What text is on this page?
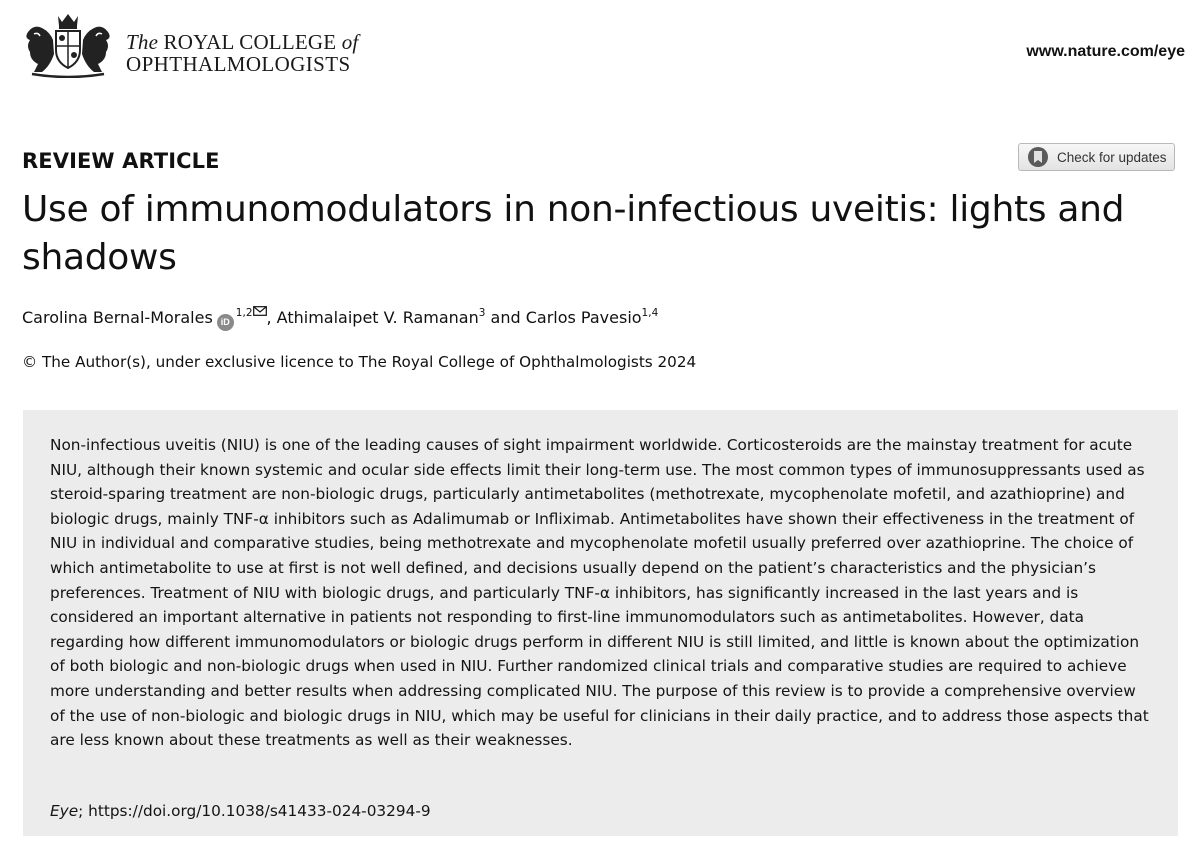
The ROYAL COLLEGE of
OPHTHALMOLOGISTS
www.nature.com/eye
REVIEW ARTICLE	Check for updates
Use of immunomodulators in non-infectious uveitis: lights and shadows
Carolina Bernal-Morales iD$^{1,2}$ , Athimalaipet V. Ramanan$^3$ and Carlos Pavesio$^{1,4}$
© The Author(s), under exclusive licence to The Royal College of Ophthalmologists 2024

Non-infectious uveitis (NIU) is one of the leading causes of sight impairment worldwide. Corticosteroids are the mainstay treatment for acute NIU, although their known systemic and ocular side effects limit their long-term use. The most common types of immunosuppressants used as steroid-sparing treatment are non-biologic drugs, particularly antimetabolites (methotrexate, mycophenolate mofetil, and azathioprine) and biologic drugs, mainly TNF-α inhibitors such as Adalimumab or Infliximab. Antimetabolites have shown their effectiveness in the treatment of NIU in individual and comparative studies, being methotrexate and mycophenolate mofetil usually preferred over azathioprine. The choice of which antimetabolite to use at first is not well defined, and decisions usually depend on the patient’s characteristics and the physician’s preferences. Treatment of NIU with biologic drugs, and particularly TNF-α inhibitors, has significantly increased in the last years and is considered an important alternative in patients not responding to first-line immunomodulators such as antimetabolites. However, data regarding how different immunomodulators or biologic drugs perform in different NIU is still limited, and little is known about the optimization of both biologic and non-biologic drugs when used in NIU. Further randomized clinical trials and comparative studies are required to achieve more understanding and better results when addressing complicated NIU. The purpose of this review is to provide a comprehensive overview of the use of non-biologic and biologic drugs in NIU, which may be useful for clinicians in their daily practice, and to address those aspects that are less known about these treatments as well as their weaknesses.

Eye; https://doi.org/10.1038/s41433-024-03294-9
